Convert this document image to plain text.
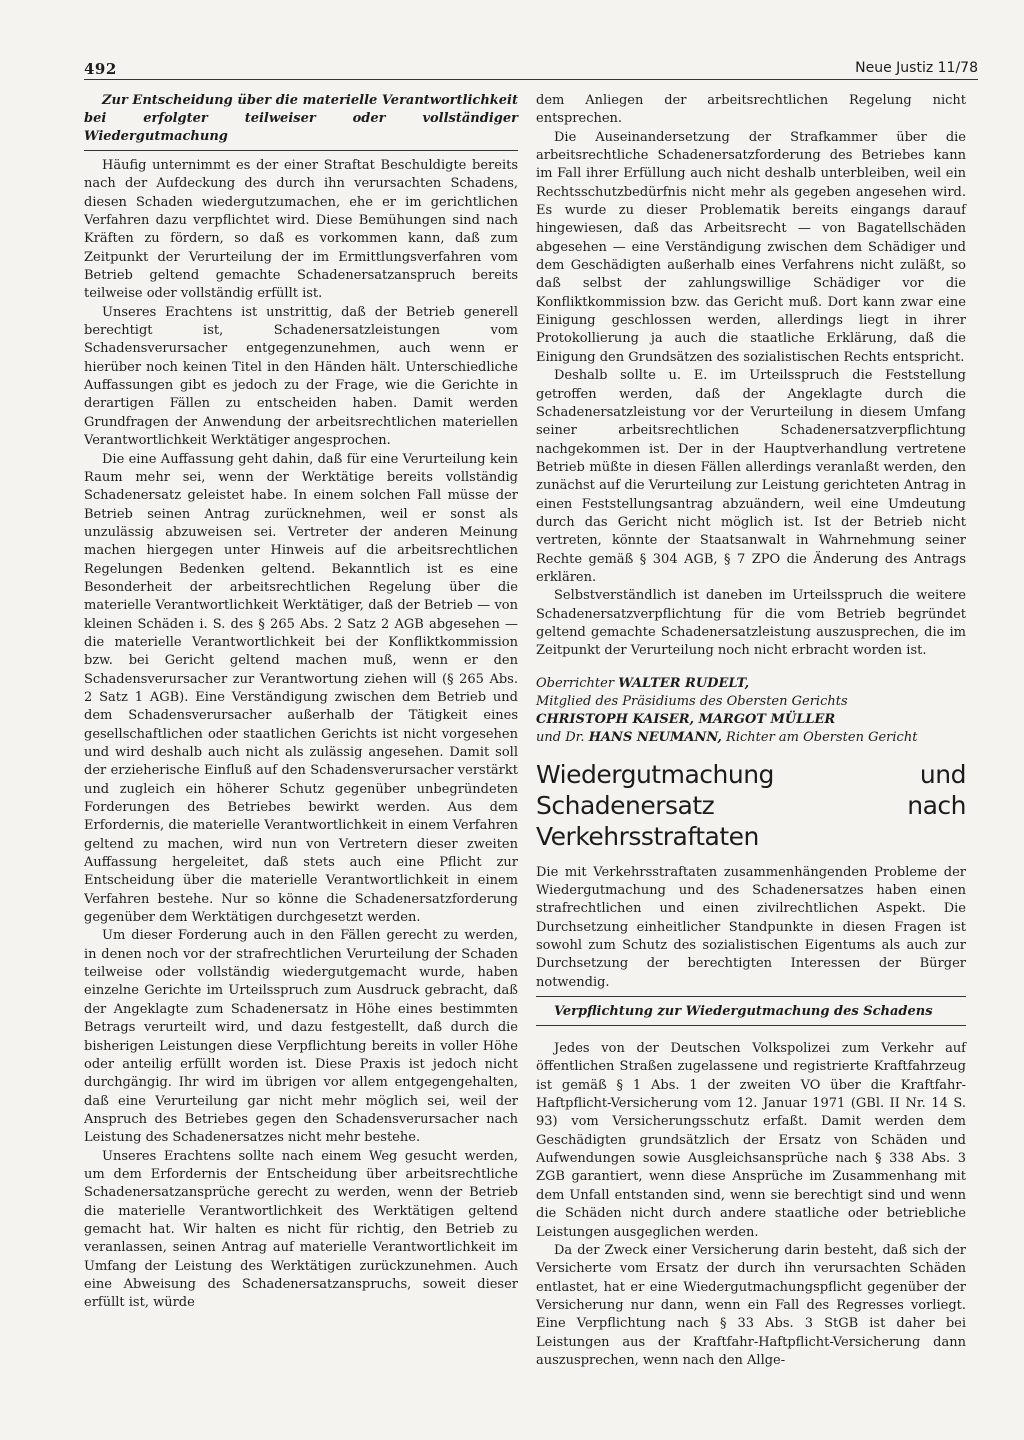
492	Neue Justiz 11/78

Zur Entscheidung über die materielle Verantwortlichkeit bei erfolgter teilweiser oder vollständiger Wiedergutmachung

Häufig unternimmt es der einer Straftat Beschuldigte bereits nach der Aufdeckung des durch ihn verursachten Schadens, diesen Schaden wiedergutzumachen, ehe er im gerichtlichen Verfahren dazu verpflichtet wird. Diese Bemühungen sind nach Kräften zu fördern, so daß es vorkommen kann, daß zum Zeitpunkt der Verurteilung der im Ermittlungsverfahren vom Betrieb geltend gemachte Schadenersatzanspruch bereits teilweise oder vollständig erfüllt ist.

Unseres Erachtens ist unstrittig, daß der Betrieb generell berechtigt ist, Schadenersatzleistungen vom Schadensverursacher entgegenzunehmen, auch wenn er hierüber noch keinen Titel in den Händen hält. Unterschiedliche Auffassungen gibt es jedoch zu der Frage, wie die Gerichte in derartigen Fällen zu entscheiden haben. Damit werden Grundfragen der Anwendung der arbeitsrechtlichen materiellen Verantwortlichkeit Werktätiger angesprochen.

Die eine Auffassung geht dahin, daß für eine Verurteilung kein Raum mehr sei, wenn der Werktätige bereits vollständig Schadenersatz geleistet habe. In einem solchen Fall müsse der Betrieb seinen Antrag zurücknehmen, weil er sonst als unzulässig abzuweisen sei. Vertreter der anderen Meinung machen hiergegen unter Hinweis auf die arbeitsrechtlichen Regelungen Bedenken geltend. Bekanntlich ist es eine Besonderheit der arbeitsrechtlichen Regelung über die materielle Verantwortlichkeit Werktätiger, daß der Betrieb — von kleinen Schäden i. S. des § 265 Abs. 2 Satz 2 AGB abgesehen — die materielle Verantwortlichkeit bei der Konfliktkommission bzw. bei Gericht geltend machen muß, wenn er den Schadensverursacher zur Verantwortung ziehen will (§ 265 Abs. 2 Satz 1 AGB). Eine Verständigung zwischen dem Betrieb und dem Schadensverursacher außerhalb der Tätigkeit eines gesellschaftlichen oder staatlichen Gerichts ist nicht vorgesehen und wird deshalb auch nicht als zulässig angesehen. Damit soll der erzieherische Einfluß auf den Schadensverursacher verstärkt und zugleich ein höherer Schutz gegenüber unbegründeten Forderungen des Betriebes bewirkt werden. Aus dem Erfordernis, die materielle Verantwortlichkeit in einem Verfahren geltend zu machen, wird nun von Vertretern dieser zweiten Auffassung hergeleitet, daß stets auch eine Pflicht zur Entscheidung über die materielle Verantwortlichkeit in einem Verfahren bestehe. Nur so könne die Schadenersatzforderung gegenüber dem Werktätigen durchgesetzt werden.

Um dieser Forderung auch in den Fällen gerecht zu werden, in denen noch vor der strafrechtlichen Verurteilung der Schaden teilweise oder vollständig wiedergutgemacht wurde, haben einzelne Gerichte im Urteilsspruch zum Ausdruck gebracht, daß der Angeklagte zum Schadenersatz in Höhe eines bestimmten Betrags verurteilt wird, und dazu festgestellt, daß durch die bisherigen Leistungen diese Verpflichtung bereits in voller Höhe oder anteilig erfüllt worden ist. Diese Praxis ist jedoch nicht durchgängig. Ihr wird im übrigen vor allem entgegengehalten, daß eine Verurteilung gar nicht mehr möglich sei, weil der Anspruch des Betriebes gegen den Schadensverursacher nach Leistung des Schadenersatzes nicht mehr bestehe.

Unseres Erachtens sollte nach einem Weg gesucht werden, um dem Erfordernis der Entscheidung über arbeitsrechtliche Schadenersatzansprüche gerecht zu werden, wenn der Betrieb die materielle Verantwortlichkeit des Werktätigen geltend gemacht hat. Wir halten es nicht für richtig, den Betrieb zu veranlassen, seinen Antrag auf materielle Verantwortlichkeit im Umfang der Leistung des Werktätigen zurückzunehmen. Auch eine Abweisung des Schadenersatzanspruchs, soweit dieser erfüllt ist, würde

dem Anliegen der arbeitsrechtlichen Regelung nicht entsprechen.

Die Auseinandersetzung der Strafkammer über die arbeitsrechtliche Schadenersatzforderung des Betriebes kann im Fall ihrer Erfüllung auch nicht deshalb unterbleiben, weil ein Rechtsschutzbedürfnis nicht mehr als gegeben angesehen wird. Es wurde zu dieser Problematik bereits eingangs darauf hingewiesen, daß das Arbeitsrecht — von Bagatellschäden abgesehen — eine Verständigung zwischen dem Schädiger und dem Geschädigten außerhalb eines Verfahrens nicht zuläßt, so daß selbst der zahlungswillige Schädiger vor die Konfliktkommission bzw. das Gericht muß. Dort kann zwar eine Einigung geschlossen werden, allerdings liegt in ihrer Protokollierung ja auch die staatliche Erklärung, daß die Einigung den Grundsätzen des sozialistischen Rechts entspricht.

Deshalb sollte u. E. im Urteilsspruch die Feststellung getroffen werden, daß der Angeklagte durch die Schadenersatzleistung vor der Verurteilung in diesem Umfang seiner arbeitsrechtlichen Schadenersatzverpflichtung nachgekommen ist. Der in der Hauptverhandlung vertretene Betrieb müßte in diesen Fällen allerdings veranlaßt werden, den zunächst auf die Verurteilung zur Leistung gerichteten Antrag in einen Feststellungsantrag abzuändern, weil eine Umdeutung durch das Gericht nicht möglich ist. Ist der Betrieb nicht vertreten, könnte der Staatsanwalt in Wahrnehmung seiner Rechte gemäß § 304 AGB, § 7 ZPO die Änderung des Antrags erklären.

Selbstverständlich ist daneben im Urteilsspruch die weitere Schadenersatzverpflichtung für die vom Betrieb begründet geltend gemachte Schadenersatzleistung auszusprechen, die im Zeitpunkt der Verurteilung noch nicht erbracht worden ist.

Oberrichter WALTER RUDELT,
Mitglied des Präsidiums des Obersten Gerichts
CHRISTOPH KAISER, MARGOT MÜLLER
und Dr. HANS NEUMANN, Richter am Obersten Gericht
Wiedergutmachung und Schadenersatz nach Verkehrsstraftaten

Die mit Verkehrsstraftaten zusammenhängenden Probleme der Wiedergutmachung und des Schadenersatzes haben einen strafrechtlichen und einen zivilrechtlichen Aspekt. Die Durchsetzung einheitlicher Standpunkte in diesen Fragen ist sowohl zum Schutz des sozialistischen Eigentums als auch zur Durchsetzung der berechtigten Interessen der Bürger notwendig.

Verpflichtung zur Wiedergutmachung des Schadens

Jedes von der Deutschen Volkspolizei zum Verkehr auf öffentlichen Straßen zugelassene und registrierte Kraftfahrzeug ist gemäß § 1 Abs. 1 der zweiten VO über die Kraftfahr-Haftpflicht-Versicherung vom 12. Januar 1971 (GBl. II Nr. 14 S. 93) vom Versicherungsschutz erfaßt. Damit werden dem Geschädigten grundsätzlich der Ersatz von Schäden und Aufwendungen sowie Ausgleichsansprüche nach § 338 Abs. 3 ZGB garantiert, wenn diese Ansprüche im Zusammenhang mit dem Unfall entstanden sind, wenn sie berechtigt sind und wenn die Schäden nicht durch andere staatliche oder betriebliche Leistungen ausgeglichen werden.

Da der Zweck einer Versicherung darin besteht, daß sich der Versicherte vom Ersatz der durch ihn verursachten Schäden entlastet, hat er eine Wiedergutmachungspflicht gegenüber der Versicherung nur dann, wenn ein Fall des Regresses vorliegt. Eine Verpflichtung nach § 33 Abs. 3 StGB ist daher bei Leistungen aus der Kraftfahr-Haftpflicht-Versicherung dann auszusprechen, wenn nach den Allge-
